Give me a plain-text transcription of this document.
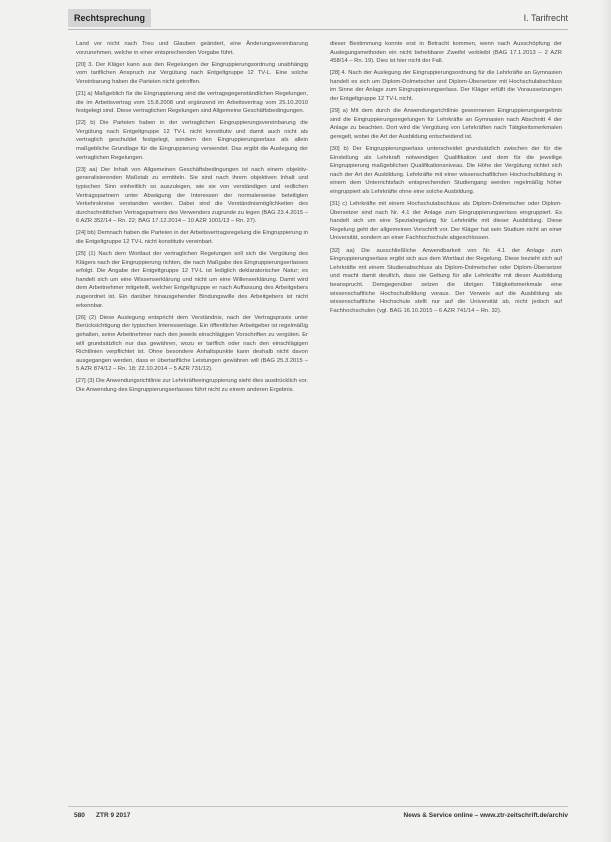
Rechtsprechung	I. Tarifrecht

Land vor nicht nach Treu und Glauben geändert, eine Änderungsvereinbarung vorzunehmen, welche in einer entsprechenden Vorgabe führt.

[20] 3. Der Kläger kann aus den Regelungen der Eingruppierungsordnung unabhängig vom tariflichen Anspruch zur Vergütung nach Entgeltgruppe 12 TV-L. Eine solche Vereinbarung haben die Parteien nicht getroffen.

[21] a) Maßgeblich für die Eingruppierung sind die vertragsgegenständlichen Regelungen, die im Arbeitsvertrag vom 15.8.2008 und ergänzend im Arbeitsvertrag vom 25.10.2010 festgelegt sind. Diese vertraglichen Regelungen sind Allgemeine Geschäftsbedingungen.

[22] b) Die Parteien haben in der vertraglichen Eingruppierungsvereinbarung die Vergütung nach Entgeltgruppe 12 TV-L nicht konstitutiv und damit auch nicht als vertraglich geschuldet festgelegt, sondern den Eingruppierungserlass als allein maßgebliche Grundlage für die Eingruppierung verwendet. Das ergibt die Auslegung der vertraglichen Regelungen.

[23] aa) Der Inhalt von Allgemeinen Geschäftsbedingungen ist nach einem objektiv-generalisierenden Maßstab zu ermitteln. Sie sind nach ihrem objektiven Inhalt und typischen Sinn einheitlich so auszulegen, wie sie von verständigen und redlichen Vertragspartnern unter Abwägung der Interessen der normalerweise beteiligten Verkehrskreise verstanden werden. Dabei sind die Verständnismöglichkeiten des durchschnittlichen Vertragspartners des Verwenders zugrunde zu legen (BAG 23.4.2015 – 6 AZR 352/14 – Rn. 22; BAG 17.12.2014 – 10 AZR 1001/13 – Rn. 27).

[24] bb) Demnach haben die Parteien in der Arbeitsvertragsregelung die Eingruppierung in die Entgeltgruppe 12 TV-L nicht konstitutiv vereinbart.

[25] (1) Nach dem Wortlaut der vertraglichen Regelungen soll sich die Vergütung des Klägers nach der Eingruppierung richten, die nach Maßgabe des Eingruppierungserlasses erfolgt. Die Angabe der Entgeltgruppe 12 TV-L ist lediglich deklaratorischer Natur; es handelt sich um eine Wissenserklärung und nicht um eine Willenserklärung. Damit wird dem Arbeitnehmer mitgeteilt, welcher Entgeltgruppe er nach Auffassung des Arbeitgebers zugeordnet ist. Ein darüber hinausgehender Bindungswille des Arbeitgebers ist nicht erkennbar.

[26] (2) Diese Auslegung entspricht dem Verständnis, nach der Vertragspraxis unter Berücksichtigung der typischen Interessenlage. Ein öffentlicher Arbeitgeber ist regelmäßig gehalten, seine Arbeitnehmer nach den jeweils einschlägigen Vorschriften zu vergüten. Er will grundsätzlich nur das gewähren, wozu er tariflich oder nach den einschlägigen Richtlinien verpflichtet ist. Ohne besondere Anhaltspunkte kann deshalb nicht davon ausgegangen werden, dass er übertarifliche Leistungen gewähren will (BAG 25.3.2015 – 5 AZR 874/12 – Rn. 18; 22.10.2014 – 5 AZR 731/12).

[27] (3) Die Anwendungsrichtlinie zur Lehrkräfteeingruppierung sieht dies ausdrücklich vor. Die Anwendung des Eingruppierungserlasses führt nicht zu einem anderen Ergebnis.

dieser Bestimmung konnte erst in Betracht kommen, wenn nach Ausschöpfung der Auslegungsmethoden ein nicht behebbarer Zweifel verbleibt (BAG 17.1.2013 – 2 AZR 458/14 – Rn. 19). Dies ist hier nicht der Fall.

[28] 4. Nach der Auslegung der Eingruppierungsordnung für die Lehrkräfte an Gymnasien handelt es sich um Diplom-Dolmetscher und Diplom-Übersetzer mit Hochschulabschluss im Sinne der Anlage zum Eingruppierungserlass. Der Kläger erfüllt die Voraussetzungen der Entgeltgruppe 12 TV-L nicht.

[29] a) Mit dem durch die Anwendungsrichtlinie gewonnenen Eingruppierungsergebnis sind die Eingruppierungsregelungen für Lehrkräfte an Gymnasien nach Abschnitt 4 der Anlage zu beachten. Dort wird die Vergütung von Lehrkräften nach Tätigkeitsmerkmalen geregelt, wobei die Art der Ausbildung entscheidend ist.

[30] b) Der Eingruppierungserlass unterscheidet grundsätzlich zwischen der für die Einstellung als Lehrkraft notwendigen Qualifikation und dem für die jeweilige Eingruppierung maßgeblichen Qualifikationsniveau. Die Höhe der Vergütung richtet sich nach der Art der Ausbildung. Lehrkräfte mit einer wissenschaftlichen Hochschulbildung in einem dem Unterrichtsfach entsprechenden Studiengang werden regelmäßig höher eingruppiert als Lehrkräfte ohne eine solche Ausbildung.

[31] c) Lehrkräfte mit einem Hochschulabschluss als Diplom-Dolmetscher oder Diplom-Übersetzer sind nach Nr. 4.1 der Anlage zum Eingruppierungserlass eingruppiert. Es handelt sich um eine Spezialregelung für Lehrkräfte mit dieser Ausbildung. Diese Regelung geht der allgemeinen Vorschrift vor. Der Kläger hat sein Studium nicht an einer Universität, sondern an einer Fachhochschule abgeschlossen.

[32] aa) Die ausschließliche Anwendbarkeit von Nr. 4.1 der Anlage zum Eingruppierungserlass ergibt sich aus dem Wortlaut der Regelung. Diese bezieht sich auf Lehrkräfte mit einem Studienabschluss als Diplom-Dolmetscher oder Diplom-Übersetzer und macht damit deutlich, dass sie Geltung für alle Lehrkräfte mit dieser Ausbildung beansprucht. Demgegenüber setzen die übrigen Tätigkeitsmerkmale eine wissenschaftliche Hochschulbildung voraus. Der Verweis auf die Ausbildung als wissenschaftliche Hochschule stellt nur auf die Universität ab, nicht jedoch auf Fachhochschulen (vgl. BAG 16.10.2015 – 6 AZR 741/14 – Rn. 32).

580 ZTR 9 2017	News & Service online – www.ztr-zeitschrift.de/archiv
